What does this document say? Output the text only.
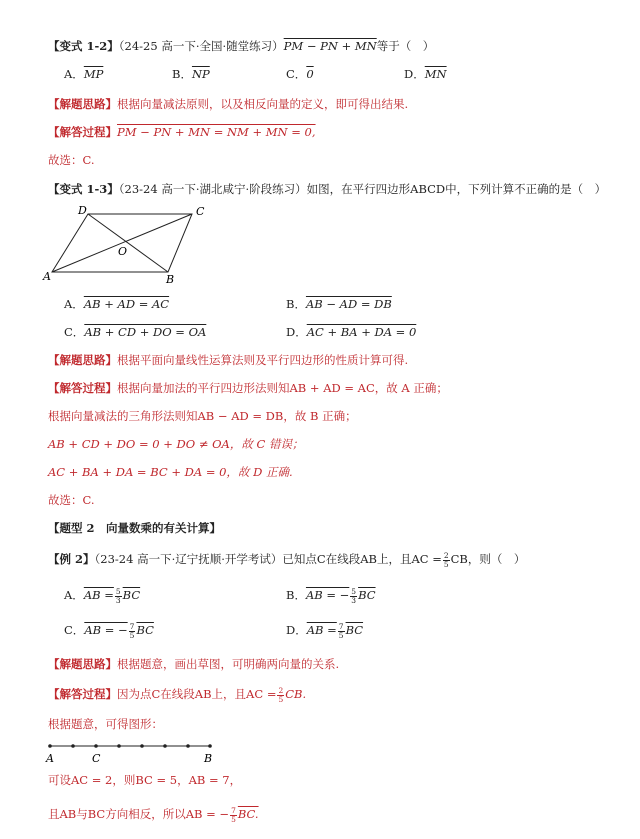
【变式 1-2】（24-25 高一下·全国·随堂练习）PM − PN + MN等于（　）
A．$\overline{MP}$	B．$\overline{NP}$	C．0	D．$\overline{MN}$
【解题思路】根据向量减法原则，以及相反向量的定义，即可得出结果.
【解答过程】PM − PN + MN = NM + MN = 0,
故选：C.
【变式 1-3】（23-24 高一下·湖北咸宁·阶段练习）如图，在平行四边形ABCD中，下列计算不正确的是（　）
D	C
O
A	B
A．AB + AD = AC	B．AB − AD = DB
C．AB + CD + DO = OA	D．AC + BA + DA = 0
【解题思路】根据平面向量线性运算法则及平行四边形的性质计算可得.
【解答过程】根据向量加法的平行四边形法则知AB + AD = AC，故 A 正确；
根据向量减法的三角形法则知AB − AD = DB，故 B 正确；
AB + CD + DO = 0 + DO ≠ OA，故 C 错误；
AC + BA + DA = BC + DA = 0，故 D 正确.
故选：C.
【题型 2　向量数乘的有关计算】
【例 2】（23-24 高一下·辽宁抚顺·开学考试）已知点C在线段AB上，且AC = $\frac{2}{5}$ CB，则（　）
A．AB = $\frac{5}{3} \overline{BC}$	B．AB = − $\frac{5}{3} \overline{BC}$
C．AB = − $\frac{7}{5} \overline{BC}$	D．AB = $\frac{7}{5} \overline{BC}$
【解题思路】根据题意，画出草图，可明确两向量的关系.
【解答过程】因为点C在线段AB上，且AC = $\frac{2}{5}$ CB.
根据题意，可得图形：
A	C	B
可设AC = 2，则BC = 5，AB = 7，
且AB与BC方向相反，所以AB = − $\frac{7}{5}$ BC.
